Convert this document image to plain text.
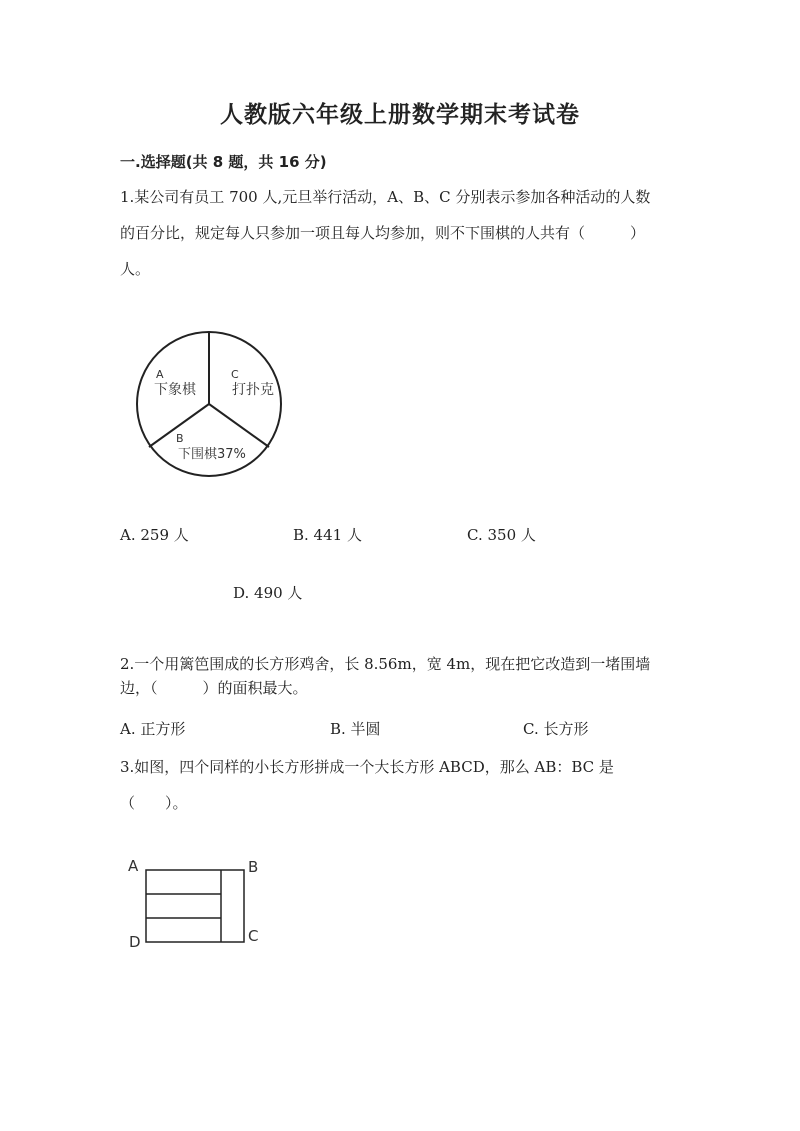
人教版六年级上册数学期末考试卷
一.选择题(共 8 题，共 16 分)
1.某公司有员工 700 人,元旦举行活动，A、B、C 分别表示参加各种活动的人数
的百分比，规定每人只参加一项且每人均参加，则不下围棋的人共有（　　　）
人。
A
下象棋
C
打扑克
B
下围棋37%
A. 259 人	B. 441 人	C. 350 人
D. 490 人
2.一个用篱笆围成的长方形鸡舍，长 8.56m，宽 4m，现在把它改造到一堵围墙
边，（　　　）的面积最大。
A. 正方形	B. 半圆	C. 长方形
3.如图，四个同样的小长方形拼成一个大长方形 ABCD，那么 AB：BC 是
（　　）。
A	B
C
D
